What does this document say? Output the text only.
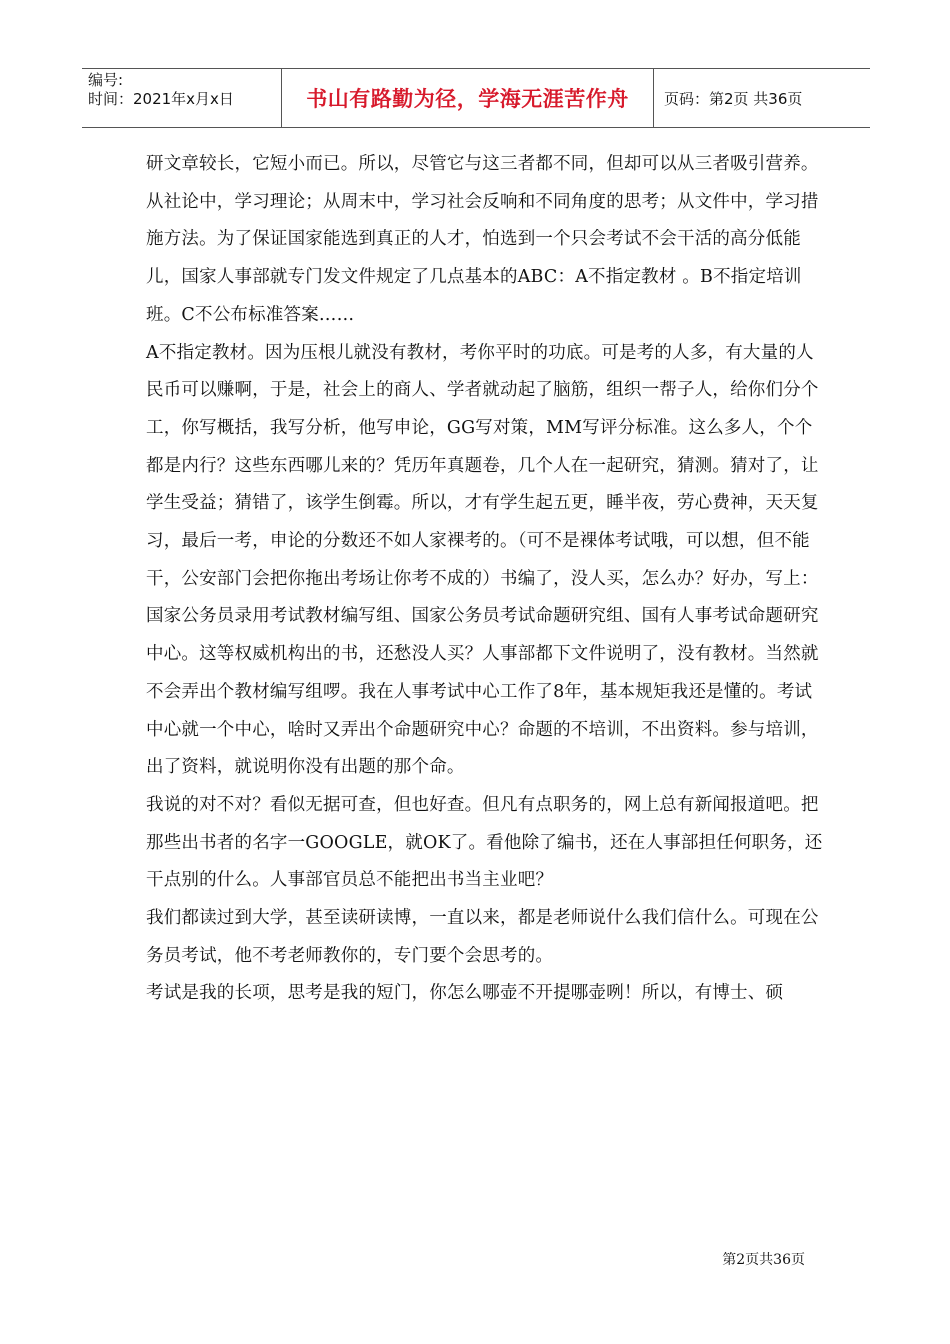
编号:
时间：2021年x月x日	书山有路勤为径，学海无涯苦作舟	页码：第2页 共36页

研文章较长，它短小而已。所以，尽管它与这三者都不同，但却可以从三者吸引营养。从社论中，学习理论；从周末中，学习社会反响和不同角度的思考；从文件中，学习措施方法。为了保证国家能选到真正的人才，怕选到一个只会考试不会干活的高分低能儿，国家人事部就专门发文件规定了几点基本的ABC：A不指定教材 。B不指定培训班。C不公布标准答案……

A不指定教材。因为压根儿就没有教材，考你平时的功底。可是考的人多，有大量的人民币可以赚啊，于是，社会上的商人、学者就动起了脑筋，组织一帮子人，给你们分个工，你写概括，我写分析，他写申论，GG写对策，MM写评分标准。这么多人，个个都是内行？这些东西哪儿来的？凭历年真题卷，几个人在一起研究，猜测。猜对了，让学生受益；猜错了，该学生倒霉。所以，才有学生起五更，睡半夜，劳心费神，天天复习，最后一考，申论的分数还不如人家裸考的。（可不是裸体考试哦，可以想，但不能干，公安部门会把你拖出考场让你考不成的）书编了，没人买，怎么办？好办，写上：国家公务员录用考试教材编写组、国家公务员考试命题研究组、国有人事考试命题研究中心。这等权威机构出的书，还愁没人买？人事部都下文件说明了，没有教材。当然就不会弄出个教材编写组啰。我在人事考试中心工作了8年，基本规矩我还是懂的。考试中心就一个中心，啥时又弄出个命题研究中心？命题的不培训，不出资料。参与培训，出了资料，就说明你没有出题的那个命。

我说的对不对？看似无据可查，但也好查。但凡有点职务的，网上总有新闻报道吧。把那些出书者的名字一GOOGLE，就OK了。看他除了编书，还在人事部担任何职务，还干点别的什么。人事部官员总不能把出书当主业吧？

我们都读过到大学，甚至读研读博，一直以来，都是老师说什么我们信什么。可现在公务员考试，他不考老师教你的，专门要个会思考的。

考试是我的长项，思考是我的短门，你怎么哪壶不开提哪壶咧！所以，有博士、硕

第2页共36页
